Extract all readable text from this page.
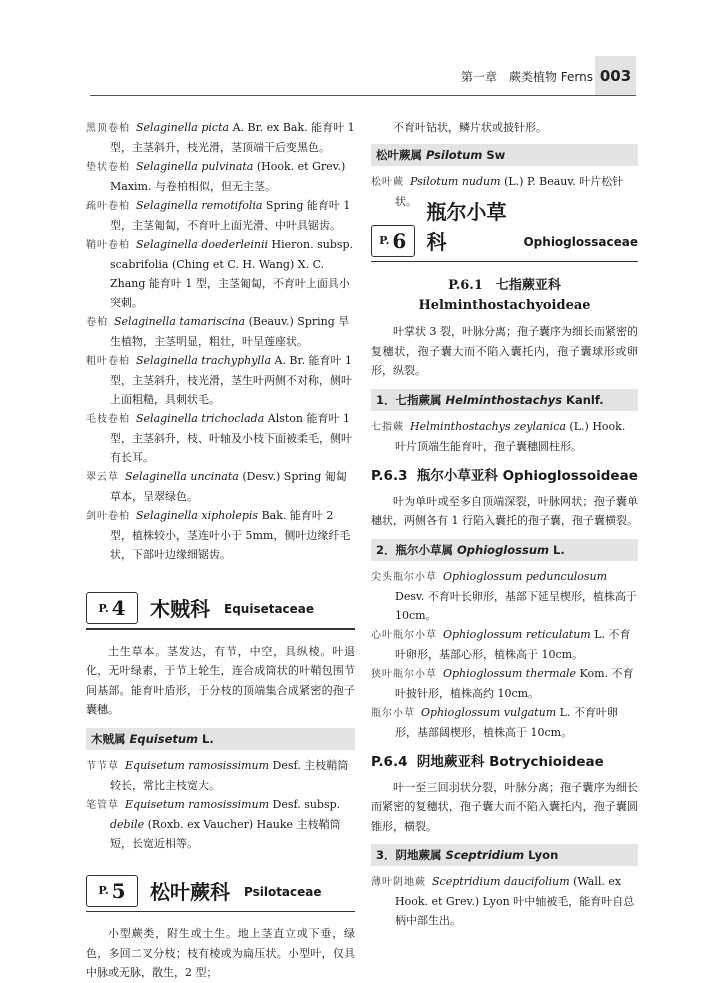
第一章　蕨类植物 Ferns 003

黑顶卷柏 Selaginella picta A. Br. ex Bak. 能育叶 1 型，主茎斜升，枝光滑，茎顶端干后变黑色。

垫状卷柏 Selaginella pulvinata (Hook. et Grev.) Maxim. 与卷柏相似，但无主茎。

疏叶卷柏 Selaginella remotifolia Spring 能育叶 1 型，主茎匍匐，不育叶上面光滑、中叶具锯齿。

鞘叶卷柏 Selaginella doederleinii Hieron. subsp. scabrifolia (Ching et C. H. Wang) X. C. Zhang 能育叶 1 型，主茎匍匐，不育叶上面具小突刺。

卷柏 Selaginella tamariscina (Beauv.) Spring 旱生植物，主茎明显，粗壮，叶呈莲座状。

粗叶卷柏 Selaginella trachyphylla A. Br. 能育叶 1 型，主茎斜升，枝光滑，茎生叶两侧不对称，侧叶上面粗糙，具刺状毛。

毛枝卷柏 Selaginella trichoclada Alston 能育叶 1 型，主茎斜升，枝、叶轴及小枝下面被柔毛，侧叶有长耳。

翠云草 Selaginella uncinata (Desv.) Spring 匍匐草本，呈翠绿色。

剑叶卷柏 Selaginella xipholepis Bak. 能育叶 2 型，植株较小，茎连叶小于 5mm，侧叶边缘纤毛状，下部叶边缘细锯齿。

P. 4 木贼科 Equisetaceae

土生草本。茎发达，有节，中空，具纵棱。叶退化，无叶绿素，于节上轮生，连合成筒状的叶鞘包围节间基部。能育叶盾形，于分枝的顶端集合成紧密的孢子囊穗。

木贼属 Equisetum L.

节节草 Equisetum ramosissimum Desf. 主枝鞘筒较长，常比主枝宽大。

笔管草 Equisetum ramosissimum Desf. subsp. debile (Roxb. ex Vaucher) Hauke 主枝鞘筒短，长宽近相等。

P. 5 松叶蕨科 Psilotaceae

小型蕨类，附生或土生。地上茎直立或下垂，绿色，多回二叉分枝；枝有棱或为扁压状。小型叶，仅具中脉或无脉，散生，2 型；

不育叶钻状，鳞片状或披针形。

松叶蕨属 Psilotum Sw

松叶蕨 Psilotum nudum (L.) P. Beauv. 叶片松针状。

P. 6
瓶尔小草科	Ophioglossaceae

P.6.1　七指蕨亚科

Helminthostachyoideae

叶掌状 3 裂，叶脉分离；孢子囊序为细长而紧密的复穗状，孢子囊大而不陷入囊托内，孢子囊球形或卵形，纵裂。

1．七指蕨属 Helminthostachys Kanlf.

七指蕨 Helminthostachys zeylanica (L.) Hook. 叶片顶端生能育叶，孢子囊穗圆柱形。

P.6.3 瓶尔小草亚科 Ophioglossoideae

叶为单叶或至多自顶端深裂，叶脉网状；孢子囊单穗状，两侧各有 1 行陷入囊托的孢子囊，孢子囊横裂。

2．瓶尔小草属 Ophioglossum L.

尖头瓶尔小草 Ophioglossum pedunculosum Desv. 不育叶长卵形，基部下延呈楔形，植株高于 10cm。

心叶瓶尔小草 Ophioglossum reticulatum L. 不育叶卵形，基部心形，植株高于 10cm。

狭叶瓶尔小草 Ophioglossum thermale Kom. 不育叶披针形，植株高约 10cm。

瓶尔小草 Ophioglossum vulgatum L. 不育叶卵形，基部阔楔形，植株高于 10cm。

P.6.4 阴地蕨亚科 Botrychioideae

叶一至三回羽状分裂，叶脉分离；孢子囊序为细长而紧密的复穗状，孢子囊大而不陷入囊托内，孢子囊圆锥形，横裂。

3．阴地蕨属 Sceptridium Lyon

薄叶阴地蕨 Sceptridium daucifolium (Wall. ex Hook. et Grev.) Lyon 叶中轴被毛，能育叶自总柄中部生出。
